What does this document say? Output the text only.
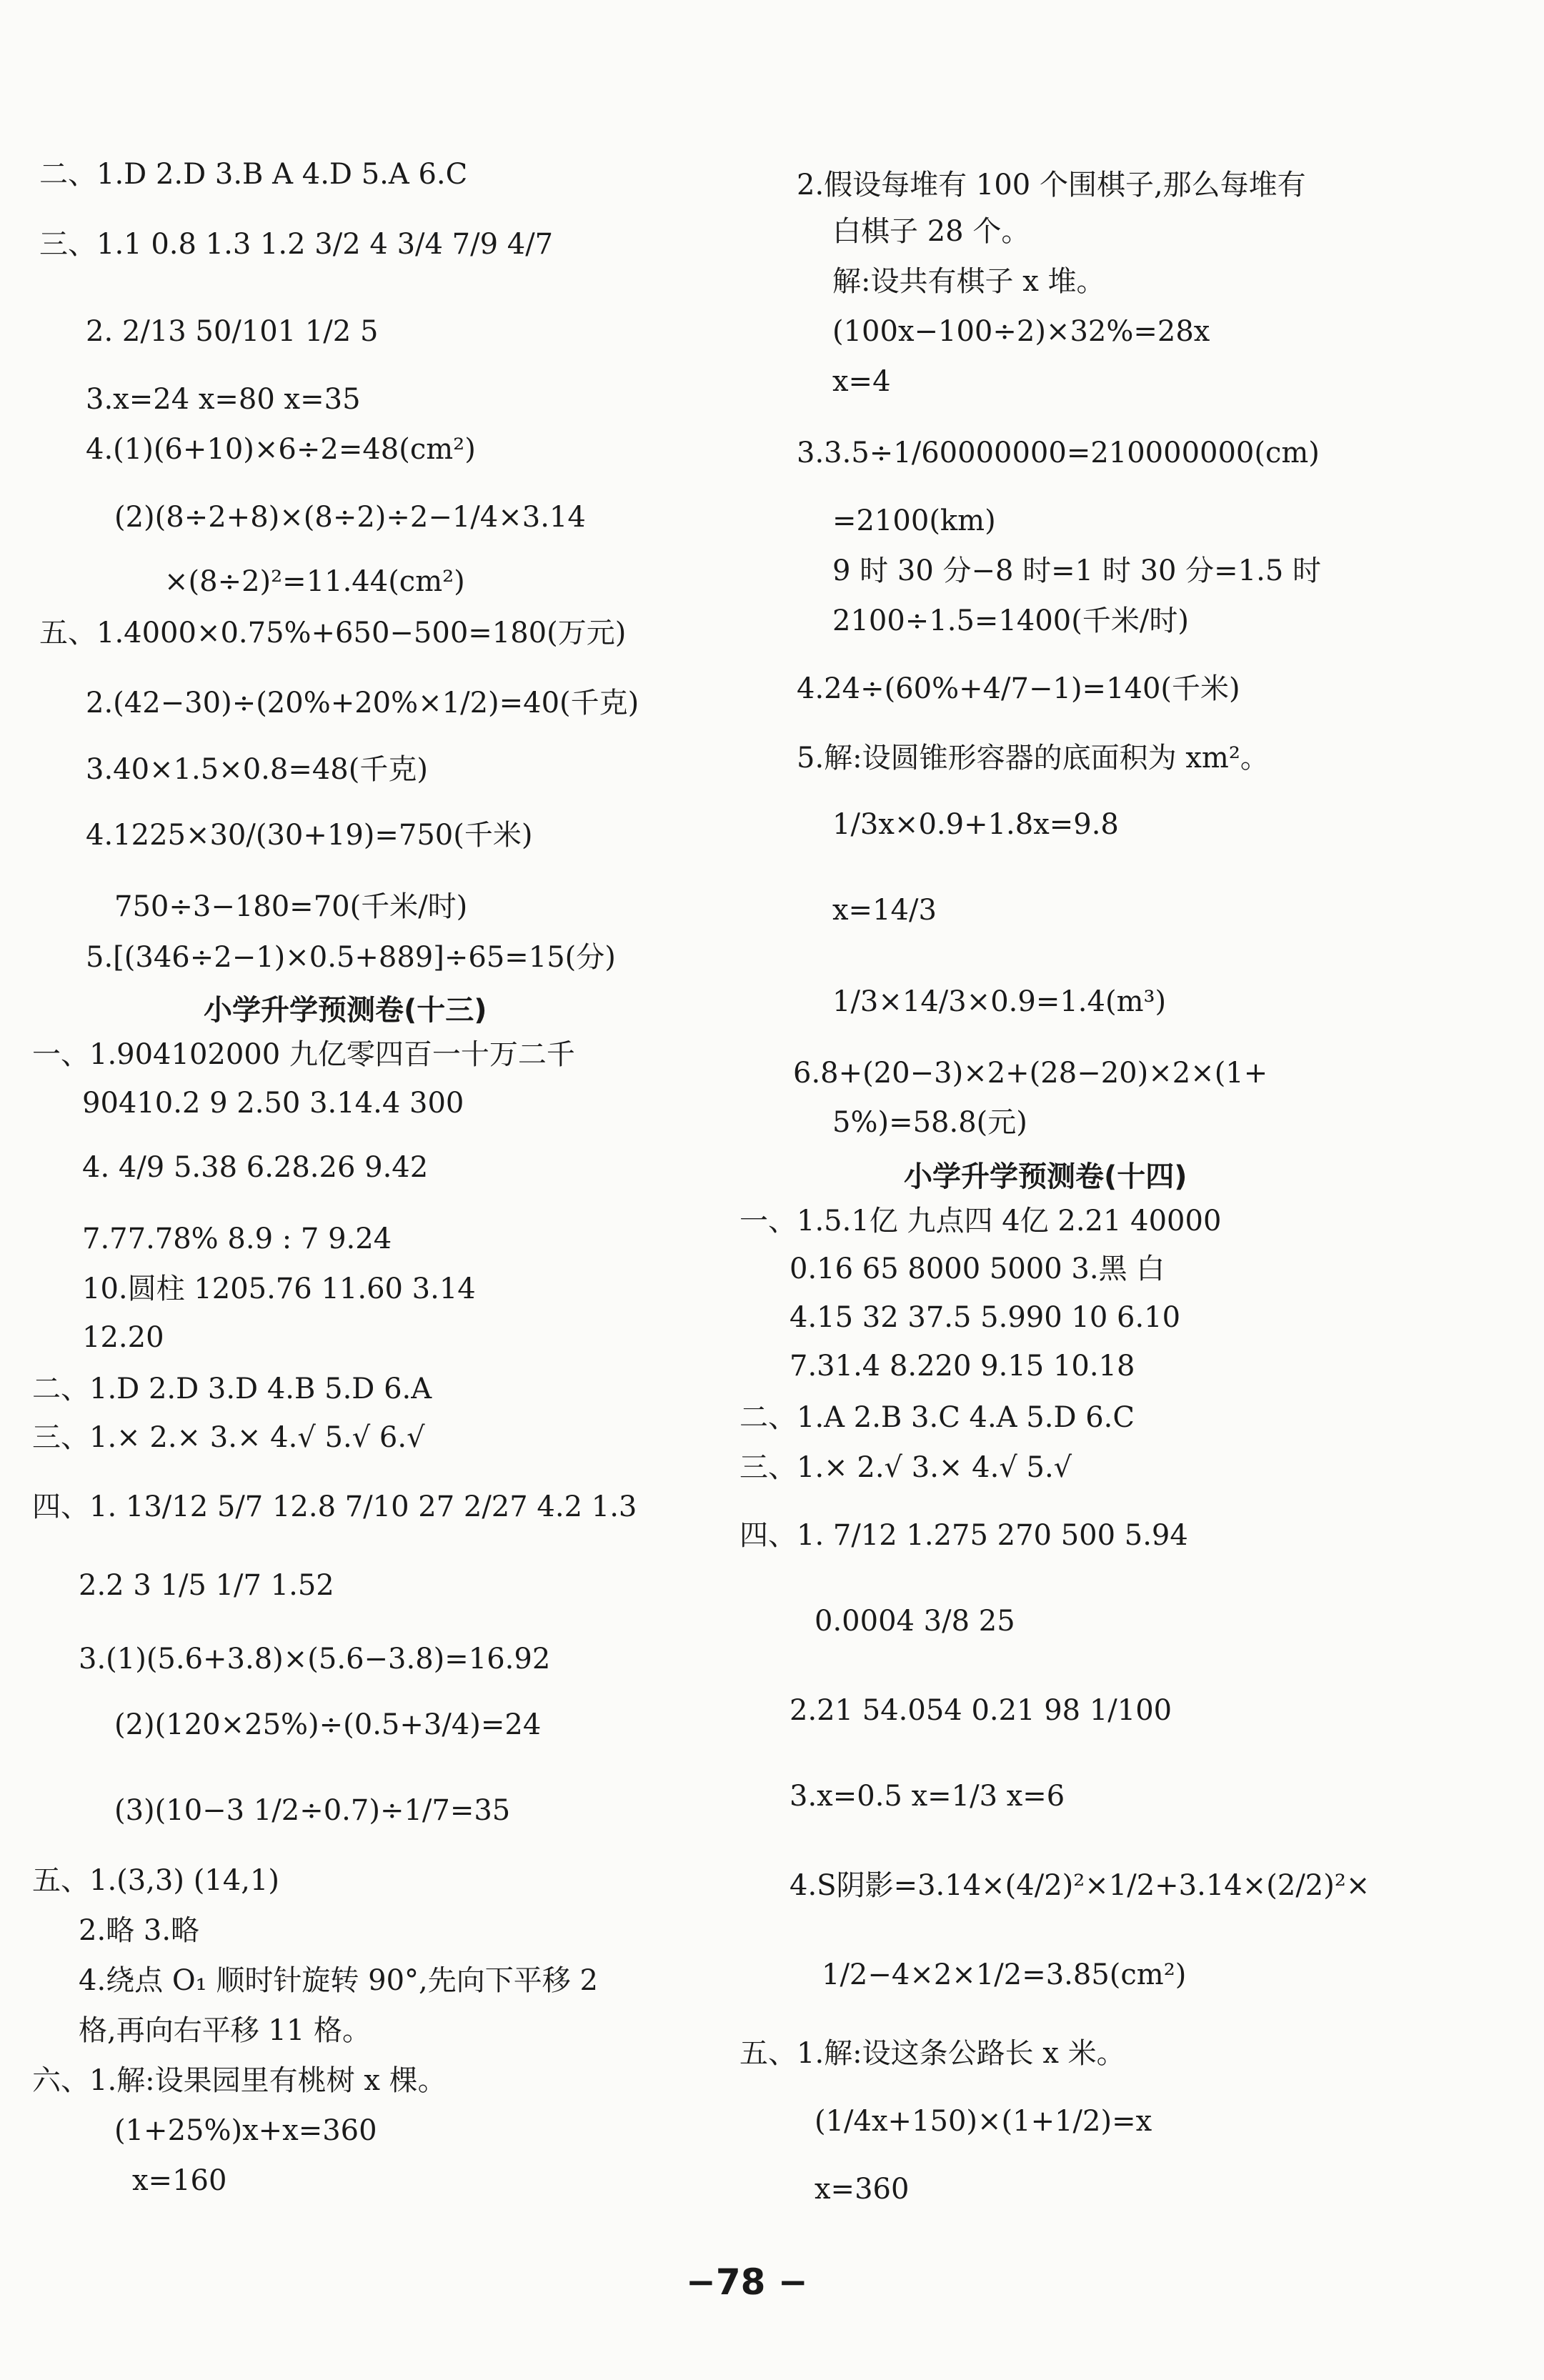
二、1.D 2.D 3.B A 4.D 5.A 6.C
三、1.1 0.8 1.3 1.2 3/2 4 3/4 7/9 4/7
2. 2/13 50/101 1/2 5
3.x=24 x=80 x=35
4.(1)(6+10)×6÷2=48(cm²)
(2)(8÷2+8)×(8÷2)÷2−1/4×3.14
×(8÷2)²=11.44(cm²)
五、1.4000×0.75%+650−500=180(万元)
2.(42−30)÷(20%+20%×1/2)=40(千克)
3.40×1.5×0.8=48(千克)
4.1225×30/(30+19)=750(千米)
750÷3−180=70(千米/时)
5.[(346÷2−1)×0.5+889]÷65=15(分)
小学升学预测卷(十三)
一、1.904102000 九亿零四百一十万二千
90410.2 9 2.50 3.14.4 300
4. 4/9 5.38 6.28.26 9.42
7.77.78% 8.9 : 7 9.24
10.圆柱 1205.76 11.60 3.14
12.20
二、1.D 2.D 3.D 4.B 5.D 6.A
三、1.× 2.× 3.× 4.√ 5.√ 6.√
四、1. 13/12 5/7 12.8 7/10 27 2/27 4.2 1.3
2.2 3 1/5 1/7 1.52
3.(1)(5.6+3.8)×(5.6−3.8)=16.92
(2)(120×25%)÷(0.5+3/4)=24
(3)(10−3 1/2÷0.7)÷1/7=35
五、1.(3,3) (14,1)
2.略 3.略
4.绕点 O₁ 顺时针旋转 90°,先向下平移 2
格,再向右平移 11 格。
六、1.解:设果园里有桃树 x 棵。
(1+25%)x+x=360
x=160
2.假设每堆有 100 个围棋子,那么每堆有
白棋子 28 个。
解:设共有棋子 x 堆。
(100x−100÷2)×32%=28x
x=4
3.3.5÷1/60000000=210000000(cm)
=2100(km)
9 时 30 分−8 时=1 时 30 分=1.5 时
2100÷1.5=1400(千米/时)
4.24÷(60%+4/7−1)=140(千米)
5.解:设圆锥形容器的底面积为 xm²。
1/3x×0.9+1.8x=9.8
x=14/3
1/3×14/3×0.9=1.4(m³)
6.8+(20−3)×2+(28−20)×2×(1+
5%)=58.8(元)
小学升学预测卷(十四)
一、1.5.1亿 九点四 4亿 2.21 40000
0.16 65 8000 5000 3.黑 白
4.15 32 37.5 5.990 10 6.10
7.31.4 8.220 9.15 10.18
二、1.A 2.B 3.C 4.A 5.D 6.C
三、1.× 2.√ 3.× 4.√ 5.√
四、1. 7/12 1.275 270 500 5.94
0.0004 3/8 25
2.21 54.054 0.21 98 1/100
3.x=0.5 x=1/3 x=6
4.S阴影=3.14×(4/2)²×1/2+3.14×(2/2)²×
1/2−4×2×1/2=3.85(cm²)
五、1.解:设这条公路长 x 米。
(1/4x+150)×(1+1/2)=x
x=360
−78 −
